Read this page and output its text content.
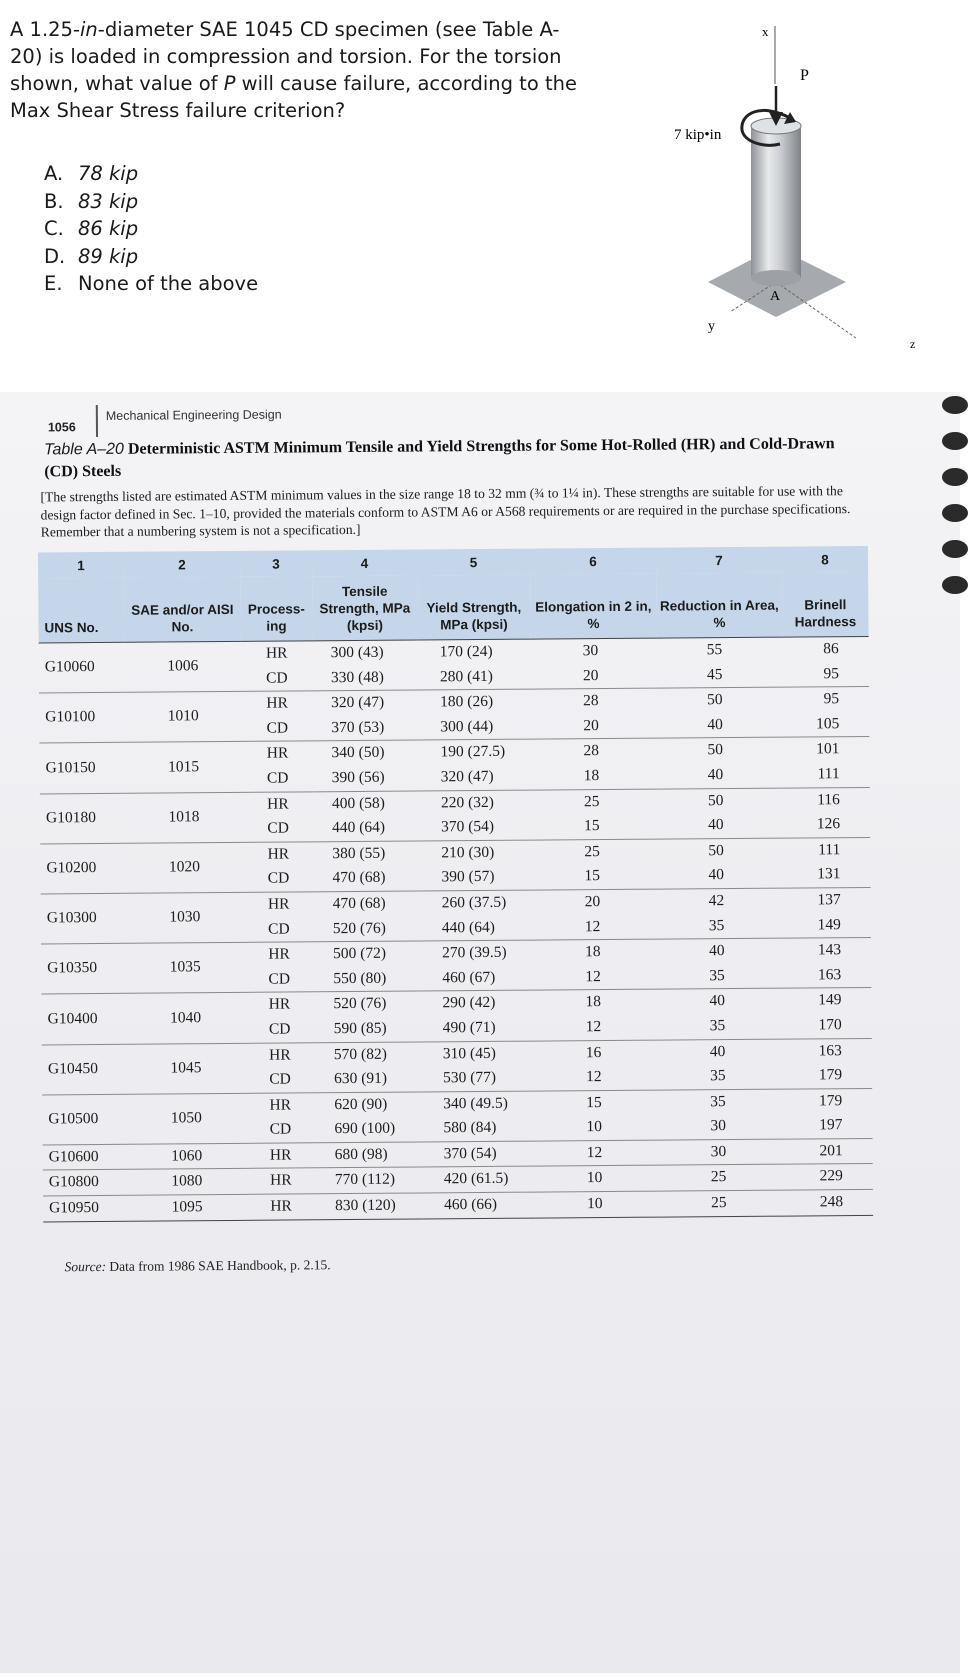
A 1.25-in-diameter SAE 1045 CD specimen (see Table A-20) is loaded in compression and torsion. For the torsion shown, what value of P will cause failure, according to the Max Shear Stress failure criterion?
A. 78 kip
B. 83 kip
C. 86 kip
D. 89 kip
E. None of the above
x
y
z
P
7 kip•in
A
1056
Mechanical Engineering Design
Table A–20 Deterministic ASTM Minimum Tensile and Yield Strengths for Some Hot-Rolled (HR) and Cold-Drawn (CD) Steels
[The strengths listed are estimated ASTM minimum values in the size range 18 to 32 mm (¾ to 1¼ in). These strengths are suitable for use with the design factor defined in Sec. 1–10, provided the materials conform to ASTM A6 or A568 requirements or are required in the purchase specifications. Remember that a numbering system is not a specification.]
1	2	3	4	5	6	7	8
UNS No.	SAE and/or AISI No.	Process- ing	Tensile Strength, MPa (kpsi)	Yield Strength, MPa (kpsi)	Elongation in 2 in, %	Reduction in Area, %	Brinell Hardness
G10060	1006	HR	300 (43)	170 (24)	30	55	86
		CD	330 (48)	280 (41)	20	45	95
G10100	1010	HR	320 (47)	180 (26)	28	50	95
		CD	370 (53)	300 (44)	20	40	105
G10150	1015	HR	340 (50)	190 (27.5)	28	50	101
		CD	390 (56)	320 (47)	18	40	111
G10180	1018	HR	400 (58)	220 (32)	25	50	116
		CD	440 (64)	370 (54)	15	40	126
G10200	1020	HR	380 (55)	210 (30)	25	50	111
		CD	470 (68)	390 (57)	15	40	131
G10300	1030	HR	470 (68)	260 (37.5)	20	42	137
		CD	520 (76)	440 (64)	12	35	149
G10350	1035	HR	500 (72)	270 (39.5)	18	40	143
		CD	550 (80)	460 (67)	12	35	163
G10400	1040	HR	520 (76)	290 (42)	18	40	149
		CD	590 (85)	490 (71)	12	35	170
G10450	1045	HR	570 (82)	310 (45)	16	40	163
		CD	630 (91)	530 (77)	12	35	179
G10500	1050	HR	620 (90)	340 (49.5)	15	35	179
		CD	690 (100)	580 (84)	10	30	197
G10600	1060	HR	680 (98)	370 (54)	12	30	201
G10800	1080	HR	770 (112)	420 (61.5)	10	25	229
G10950	1095	HR	830 (120)	460 (66)	10	25	248
Source: Data from 1986 SAE Handbook, p. 2.15.
